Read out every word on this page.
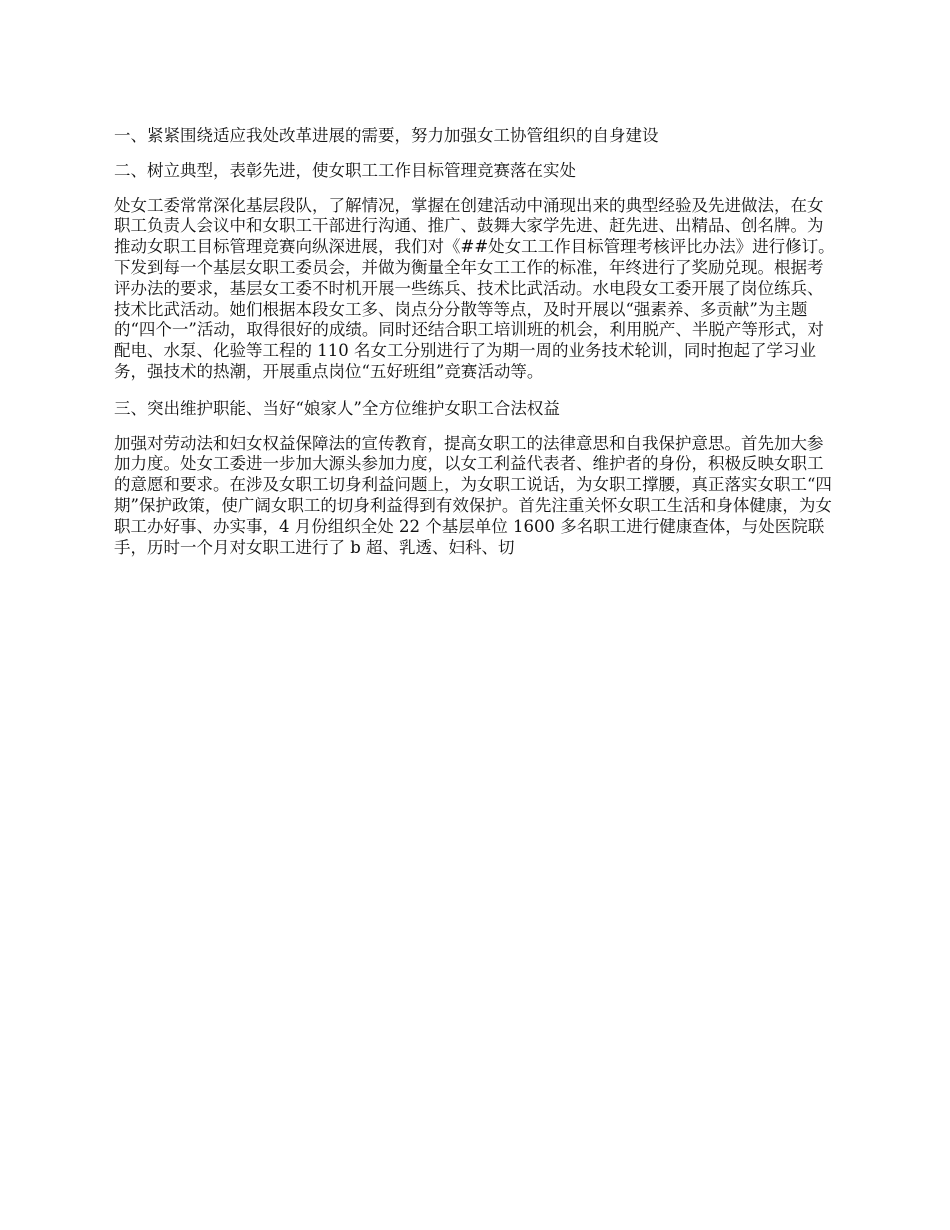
一、紧紧围绕适应我处改革进展的需要，努力加强女工协管组织的自身建设

二、树立典型，表彰先进，使女职工工作目标管理竞赛落在实处

处女工委常常深化基层段队，了解情况，掌握在创建活动中涌现出来的典型经验及先进做法，在女职工负责人会议中和女职工干部进行沟通、推广、鼓舞大家学先进、赶先进、出精品、创名牌。为推动女职工目标管理竞赛向纵深进展，我们对《##处女工工作目标管理考核评比办法》进行修订。下发到每一个基层女职工委员会，并做为衡量全年女工工作的标准，年终进行了奖励兑现。根据考评办法的要求，基层女工委不时机开展一些练兵、技术比武活动。水电段女工委开展了岗位练兵、技术比武活动。她们根据本段女工多、岗点分分散等等点，及时开展以“强素养、多贡献”为主题的“四个一”活动，取得很好的成绩。同时还结合职工培训班的机会，利用脱产、半脱产等形式，对配电、水泵、化验等工程的 110 名女工分别进行了为期一周的业务技术轮训，同时抱起了学习业务，强技术的热潮，开展重点岗位“五好班组”竞赛活动等。

三、突出维护职能、当好“娘家人”全方位维护女职工合法权益

加强对劳动法和妇女权益保障法的宣传教育，提高女职工的法律意思和自我保护意思。首先加大参加力度。处女工委进一步加大源头参加力度，以女工利益代表者、维护者的身份，积极反映女职工的意愿和要求。在涉及女职工切身利益问题上，为女职工说话，为女职工撑腰，真正落实女职工“四期”保护政策，使广阔女职工的切身利益得到有效保护。首先注重关怀女职工生活和身体健康，为女职工办好事、办实事，4 月份组织全处 22 个基层单位 1600 多名职工进行健康查体，与处医院联手，历时一个月对女职工进行了 b 超、乳透、妇科、切
